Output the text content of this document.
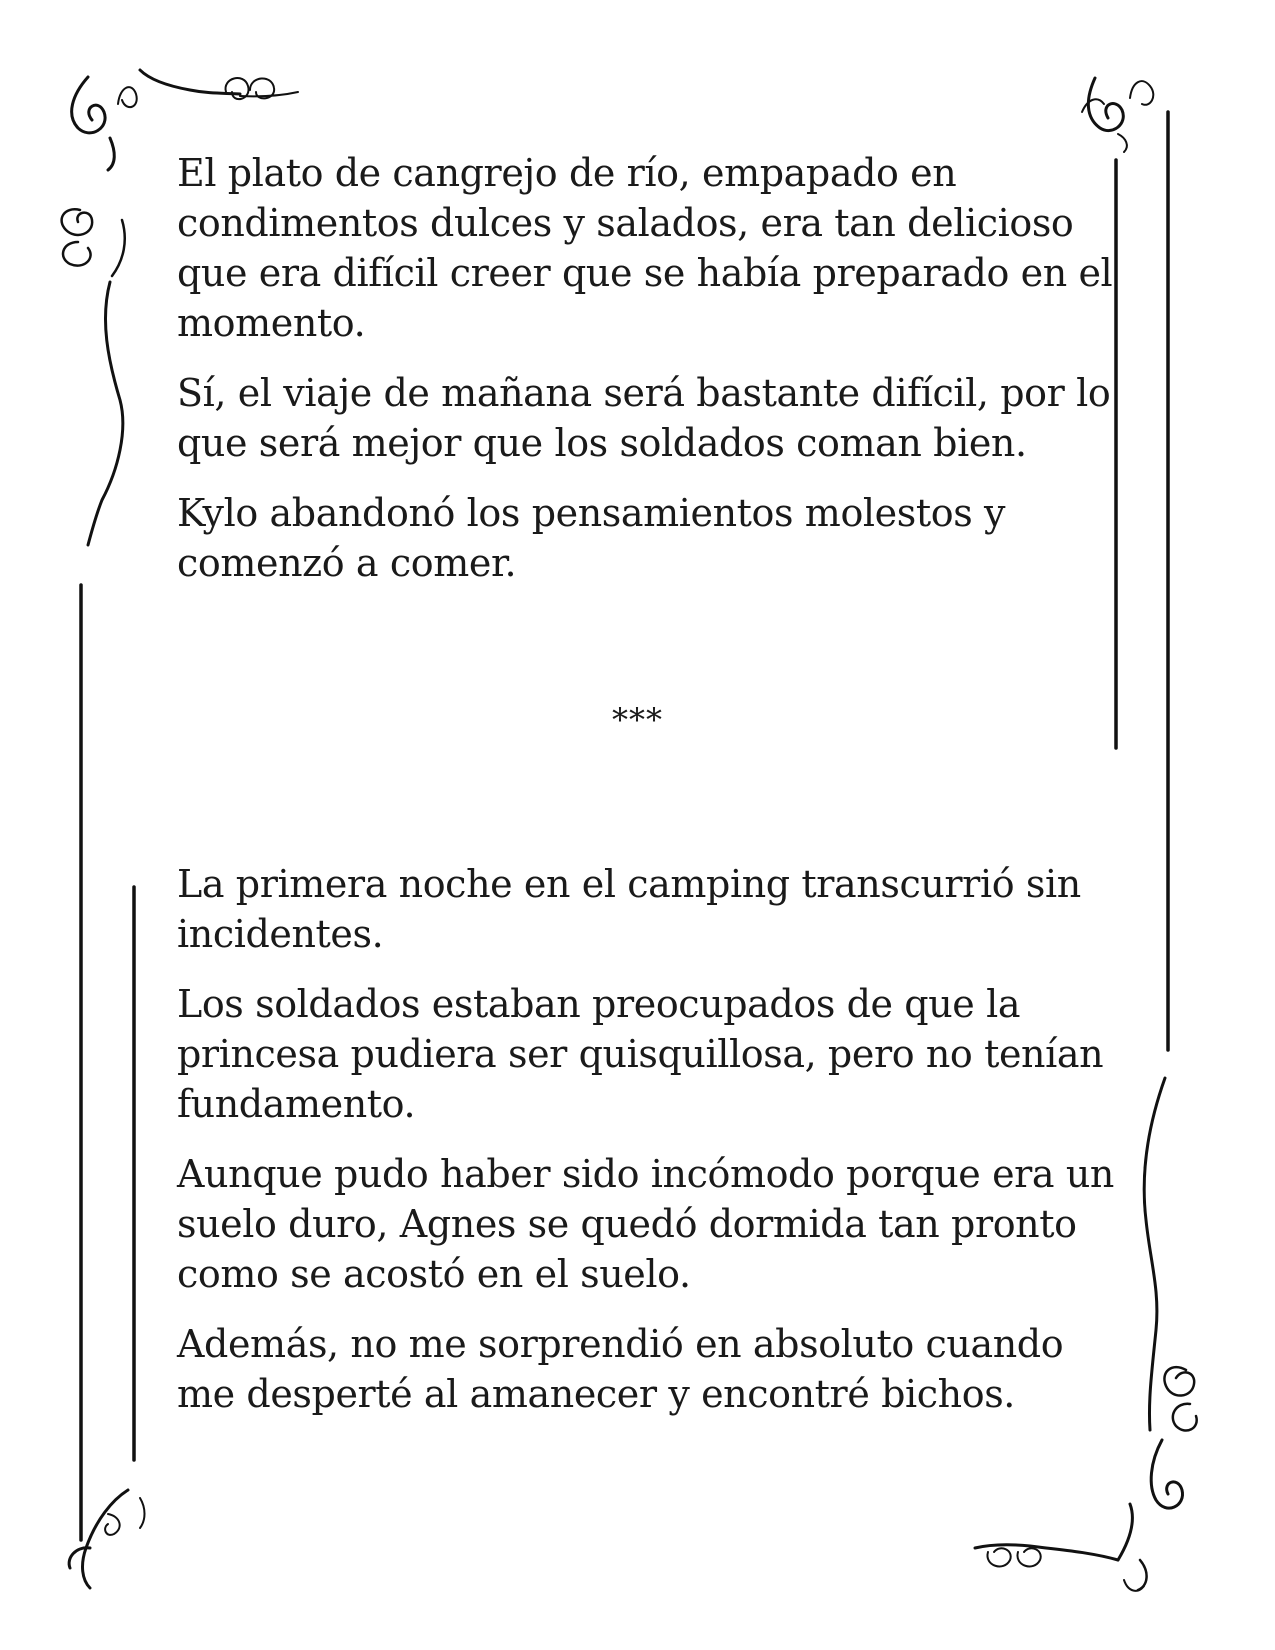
El plato de cangrejo de río, empapado en condimentos dulces y salados, era tan delicioso que era difícil creer que se había preparado en el momento.

Sí, el viaje de mañana será bastante difícil, por lo que será mejor que los soldados coman bien.

Kylo abandonó los pensamientos molestos y comenzó a comer.

***

La primera noche en el camping transcurrió sin incidentes.

Los soldados estaban preocupados de que la princesa pudiera ser quisquillosa, pero no tenían fundamento.

Aunque pudo haber sido incómodo porque era un suelo duro, Agnes se quedó dormida tan pronto como se acostó en el suelo.

Además, no me sorprendió en absoluto cuando me desperté al amanecer y encontré bichos.
